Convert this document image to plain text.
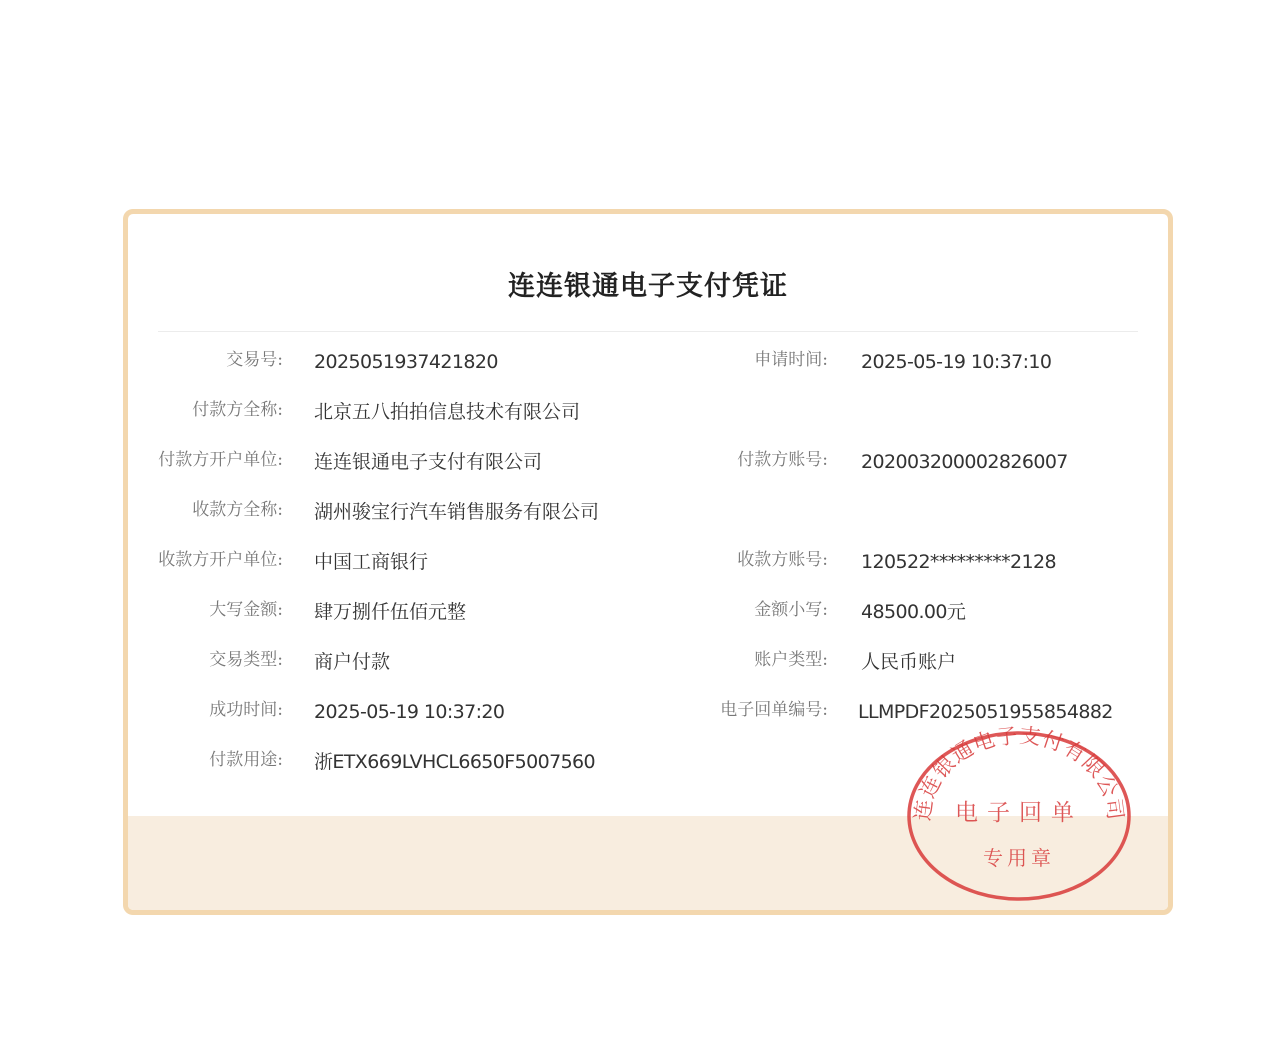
连连银通电子支付凭证
交易号: 2025051937421820	申请时间: 2025-05-19 10:37:10
付款方全称: 北京五八拍拍信息技术有限公司
付款方开户单位: 连连银通电子支付有限公司	付款方账号: 202003200002826007
收款方全称: 湖州骏宝行汽车销售服务有限公司
收款方开户单位: 中国工商银行	收款方账号: 120522*********2128
大写金额: 肆万捌仟伍佰元整	金额小写: 48500.00元
交易类型: 商户付款	账户类型: 人民币账户
成功时间: 2025-05-19 10:37:20	电子回单编号: LLMPDF2025051955854882
付款用途: 浙ETX669LVHCL6650F5007560
连连银通电子支付有限公司
电子回单
专用章
